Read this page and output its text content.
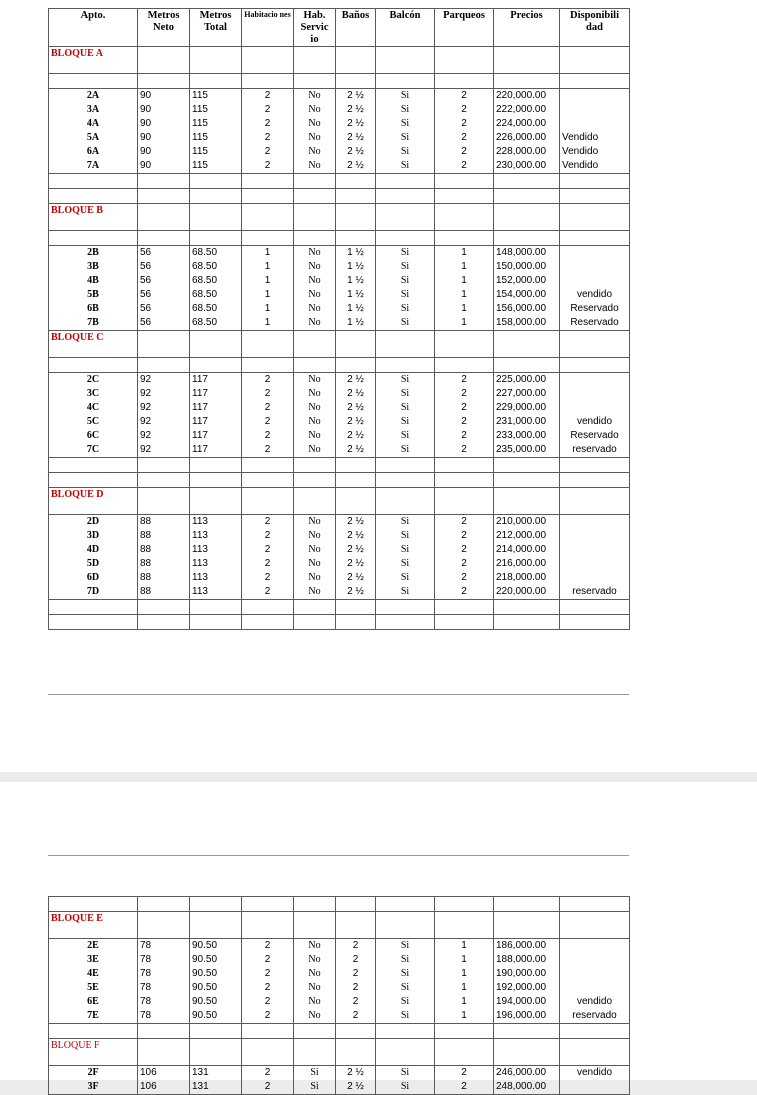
Apto.	Metros Neto	Metros Total	Habitacio nes	Hab. Servic io	Baños	Balcón	Parqueos	Precios	Disponibili dad
BLOQUE A									

2A	90	115	2	No	2 ½	Si	2	220,000.00	
3A	90	115	2	No	2 ½	Si	2	222,000.00	
4A	90	115	2	No	2 ½	Si	2	224,000.00	
5A	90	115	2	No	2 ½	Si	2	226,000.00	Vendido
6A	90	115	2	No	2 ½	Si	2	228,000.00	Vendido
7A	90	115	2	No	2 ½	Si	2	230,000.00	Vendido

BLOQUE B									

2B	56	68.50	1	No	1 ½	Si	1	148,000.00	
3B	56	68.50	1	No	1 ½	Si	1	150,000.00	
4B	56	68.50	1	No	1 ½	Si	1	152,000.00	
5B	56	68.50	1	No	1 ½	Si	1	154,000.00	vendido
6B	56	68.50	1	No	1 ½	Si	1	156,000.00	Reservado
7B	56	68.50	1	No	1 ½	Si	1	158,000.00	Reservado
BLOQUE C									

2C	92	117	2	No	2 ½	Si	2	225,000.00	
3C	92	117	2	No	2 ½	Si	2	227,000.00	
4C	92	117	2	No	2 ½	Si	2	229,000.00	
5C	92	117	2	No	2 ½	Si	2	231,000.00	vendido
6C	92	117	2	No	2 ½	Si	2	233,000.00	Reservado
7C	92	117	2	No	2 ½	Si	2	235,000.00	reservado

BLOQUE D									
2D	88	113	2	No	2 ½	Si	2	210,000.00	
3D	88	113	2	No	2 ½	Si	2	212,000.00	
4D	88	113	2	No	2 ½	Si	2	214,000.00	
5D	88	113	2	No	2 ½	Si	2	216,000.00	
6D	88	113	2	No	2 ½	Si	2	218,000.00	
7D	88	113	2	No	2 ½	Si	2	220,000.00	reservado

BLOQUE E									
2E	78	90.50	2	No	2	Si	1	186,000.00	
3E	78	90.50	2	No	2	Si	1	188,000.00	
4E	78	90.50	2	No	2	Si	1	190,000.00	
5E	78	90.50	2	No	2	Si	1	192,000.00	
6E	78	90.50	2	No	2	Si	1	194,000.00	vendido
7E	78	90.50	2	No	2	Si	1	196,000.00	reservado

BLOQUE F									
2F	106	131	2	Si	2 ½	Si	2	246,000.00	vendido
3F	106	131	2	Si	2 ½	Si	2	248,000.00	
